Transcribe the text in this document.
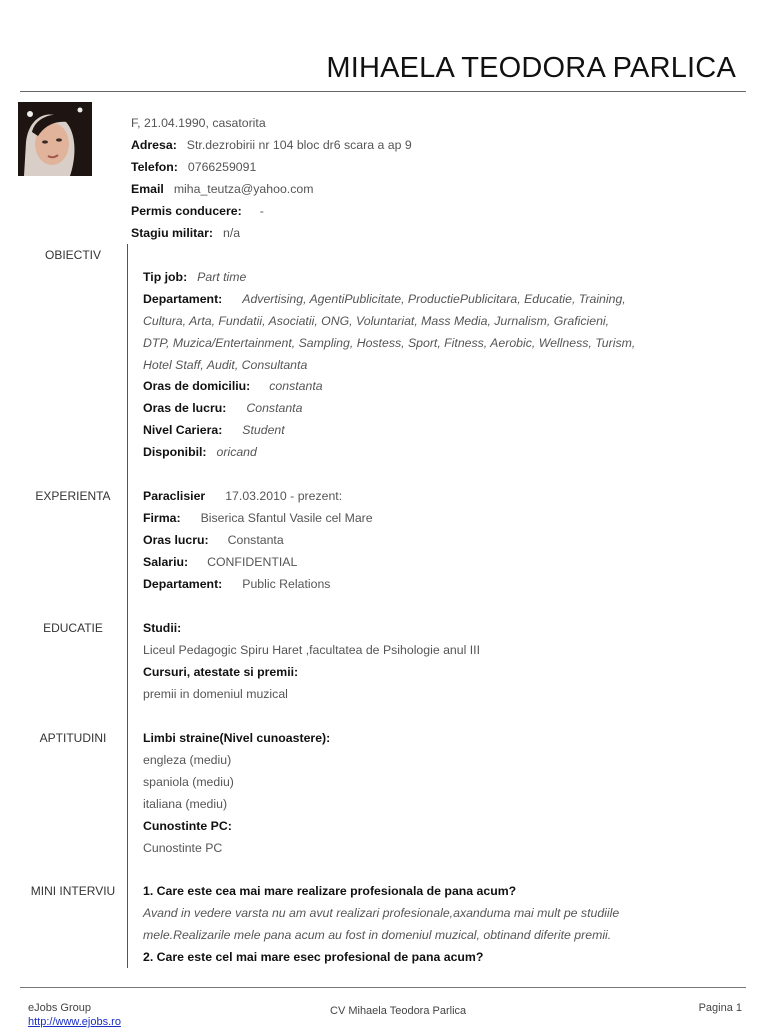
MIHAELA TEODORA PARLICA
F, 21.04.1990, casatorita
Adresa: Str.dezrobirii nr 104 bloc dr6 scara a ap 9
Telefon: 0766259091
Email miha_teutza@yahoo.com
Permis conducere: -
Stagiu militar: n/a
OBIECTIV
EXPERIENTA
EDUCATIE
APTITUDINI
MINI INTERVIU
Tip job: Part time
Departament: Advertising, AgentiPublicitate, ProductiePublicitara, Educatie, Training,
Cultura, Arta, Fundatii, Asociatii, ONG, Voluntariat, Mass Media, Jurnalism, Graficieni,
DTP, Muzica/Entertainment, Sampling, Hostess, Sport, Fitness, Aerobic, Wellness, Turism,
Hotel Staff, Audit, Consultanta
Oras de domiciliu: constanta
Oras de lucru: Constanta
Nivel Cariera: Student
Disponibil: oricand
Paraclisier 17.03.2010 - prezent:
Firma: Biserica Sfantul Vasile cel Mare
Oras lucru: Constanta
Salariu: CONFIDENTIAL
Departament: Public Relations
Studii:
Liceul Pedagogic Spiru Haret ,facultatea de Psihologie anul III
Cursuri, atestate si premii:
premii in domeniul muzical
Limbi straine(Nivel cunoastere):
engleza (mediu)
spaniola (mediu)
italiana (mediu)
Cunostinte PC:
Cunostinte PC
1. Care este cea mai mare realizare profesionala de pana acum?
Avand in vedere varsta nu am avut realizari profesionale,axanduma mai mult pe studiile
mele.Realizarile mele pana acum au fost in domeniul muzical, obtinand diferite premii.
2. Care este cel mai mare esec profesional de pana acum?
eJobs Group
http://www.ejobs.ro
CV Mihaela Teodora Parlica	Pagina 1
